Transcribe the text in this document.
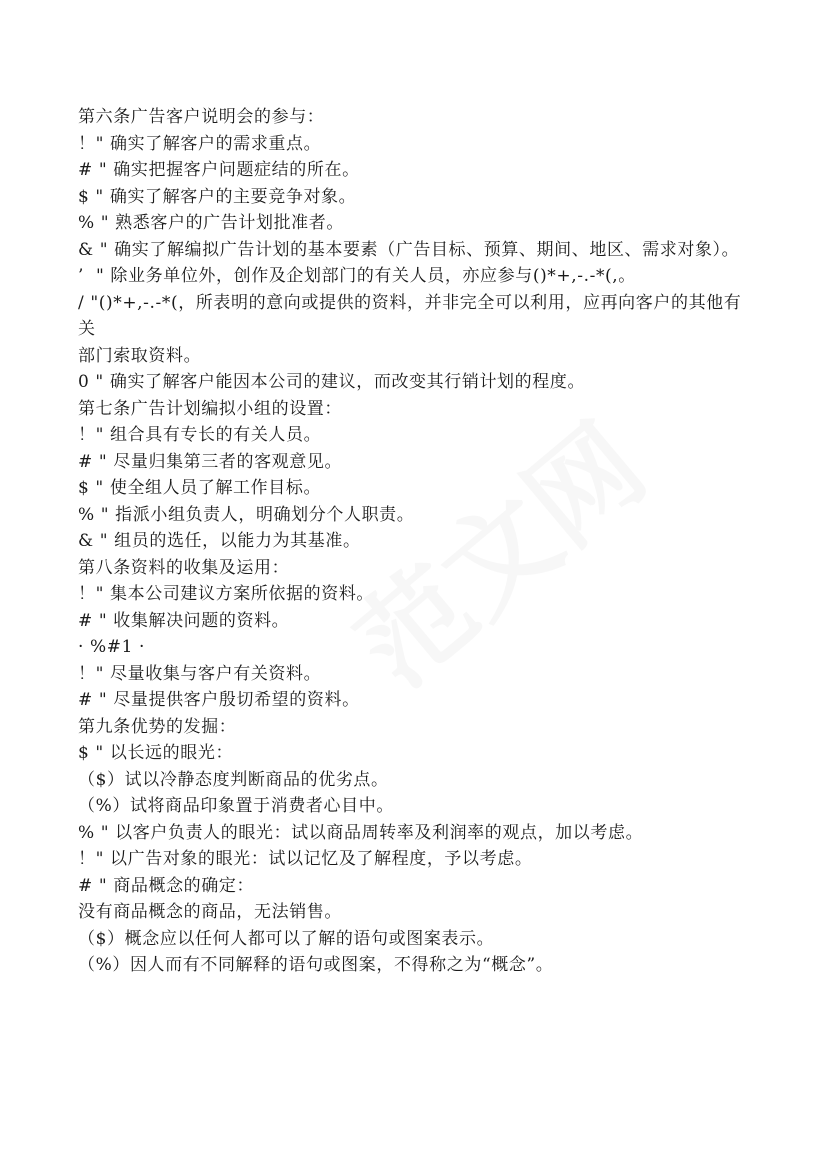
范文网

第六条广告客户说明会的参与：

！" 确实了解客户的需求重点。

# " 确实把握客户问题症结的所在。

$ " 确实了解客户的主要竞争对象。

% " 熟悉客户的广告计划批准者。

& " 确实了解编拟广告计划的基本要素（广告目标、预算、期间、地区、需求对象）。

’  " 除业务单位外，创作及企划部门的有关人员，亦应参与()*+,-.-*(,。

/ "()*+,-.-*(，所表明的意向或提供的资料，并非完全可以利用，应再向客户的其他有关

部门索取资料。

0 " 确实了解客户能因本公司的建议，而改变其行销计划的程度。

第七条广告计划编拟小组的设置：

！" 组合具有专长的有关人员。

# " 尽量归集第三者的客观意见。

$ " 使全组人员了解工作目标。

% " 指派小组负责人，明确划分个人职责。

& " 组员的选任，以能力为其基准。

第八条资料的收集及运用：

！" 集本公司建议方案所依据的资料。

# " 收集解决问题的资料。

· %#1 ·

！" 尽量收集与客户有关资料。

# " 尽量提供客户殷切希望的资料。

第九条优势的发掘：

$ " 以长远的眼光：

（$）试以冷静态度判断商品的优劣点。

（%）试将商品印象置于消费者心目中。

% " 以客户负责人的眼光：试以商品周转率及利润率的观点，加以考虑。

！" 以广告对象的眼光：试以记忆及了解程度，予以考虑。

# " 商品概念的确定：

没有商品概念的商品，无法销售。

（$）概念应以任何人都可以了解的语句或图案表示。

（%）因人而有不同解释的语句或图案，不得称之为“概念”。
